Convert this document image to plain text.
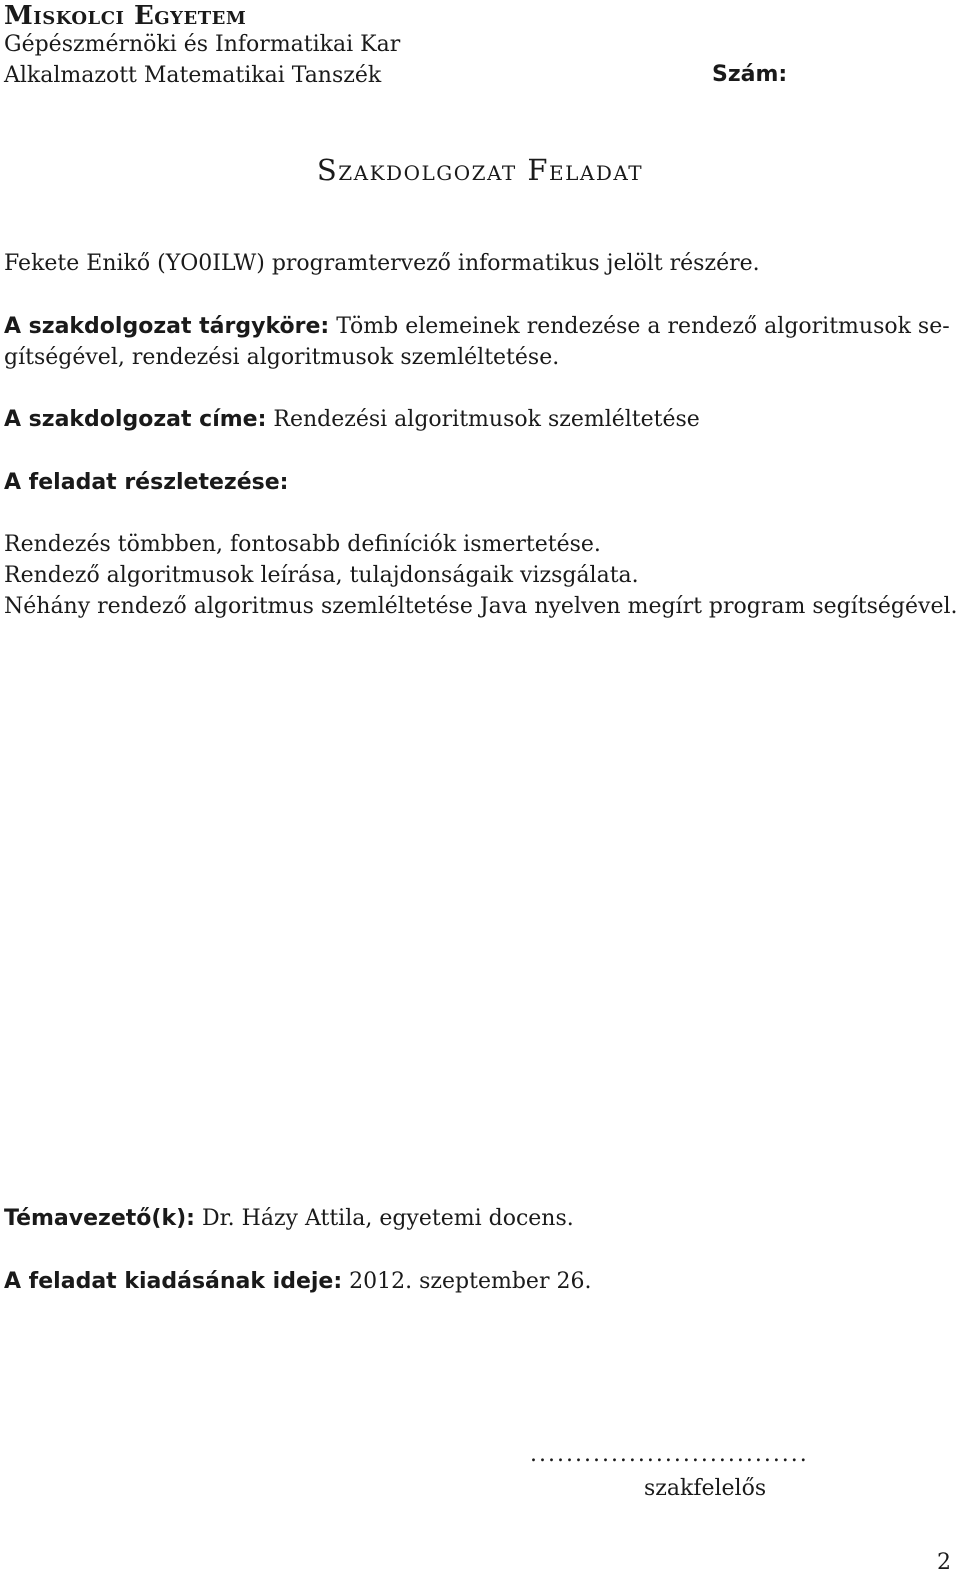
Miskolci Egyetem
Gépészmérnöki és Informatikai Kar
Alkalmazott Matematikai Tanszék	Szám:
Szakdolgozat Feladat
Fekete Enikő (YO0ILW) programtervező informatikus jelölt részére.
A szakdolgozat tárgyköre: Tömb elemeinek rendezése a rendező algoritmusok se-
gítségével, rendezési algoritmusok szemléltetése.
A szakdolgozat címe: Rendezési algoritmusok szemléltetése
A feladat részletezése:
Rendezés tömbben, fontosabb definíciók ismertetése.
Rendező algoritmusok leírása, tulajdonságaik vizsgálata.
Néhány rendező algoritmus szemléltetése Java nyelven megírt program segítségével.
Témavezető(k): Dr. Házy Attila, egyetemi docens.
A feladat kiadásának ideje: 2012. szeptember 26.
...............................
szakfelelős
2
